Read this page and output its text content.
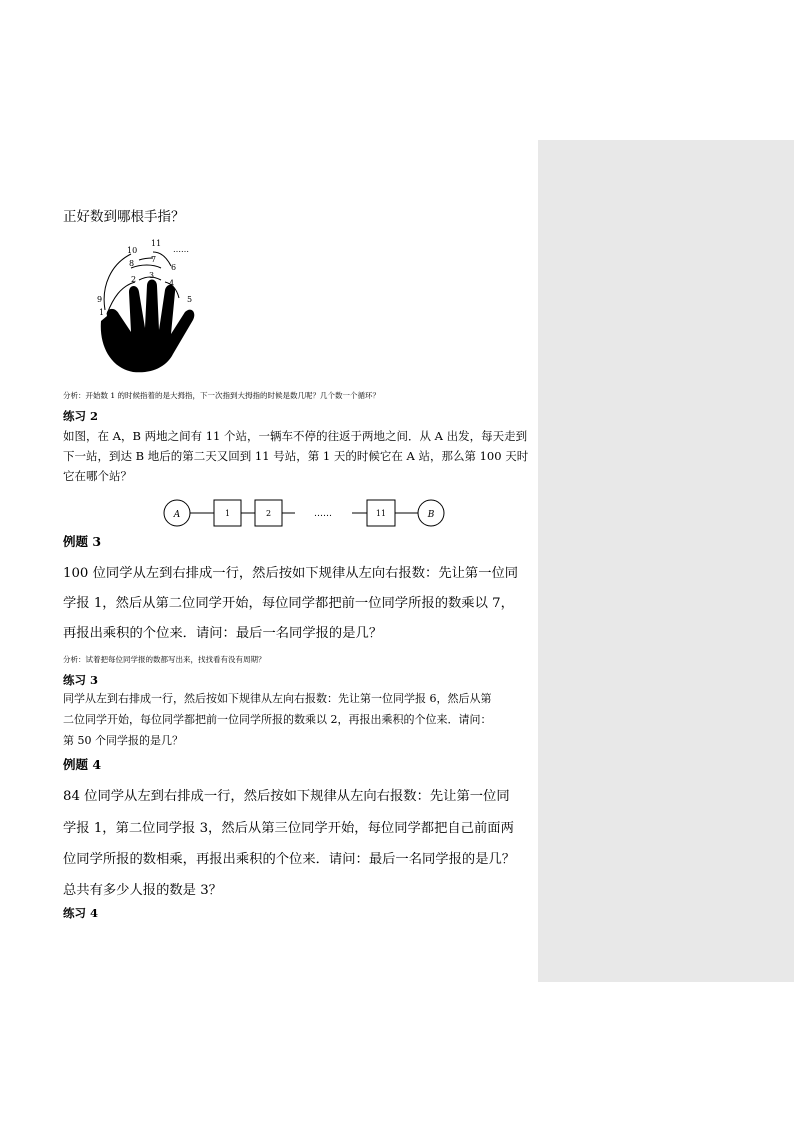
正好数到哪根手指？
1
9
10
11
8
2
7
3
6
4
5
……
分析：开始数 1 的时候指着的是大拇指，下一次指到大拇指的时候是数几呢？几个数一个循环？
练习 2
如图，在 A，B 两地之间有 11 个站，一辆车不停的往返于两地之间．从 A 出发，每天走到
下一站，到达 B 地后的第二天又回到 11 号站，第 1 天的时候它在 A 站，那么第 100 天时
它在哪个站？
A	1	2	……	11	B
例题 3
100 位同学从左到右排成一行，然后按如下规律从左向右报数：先让第一位同
学报 1，然后从第二位同学开始，每位同学都把前一位同学所报的数乘以 7，
再报出乘积的个位来．请问：最后一名同学报的是几？
分析：试着把每位同学报的数都写出来，找找看有没有周期？
练习 3
同学从左到右排成一行，然后按如下规律从左向右报数：先让第一位同学报 6，然后从第
二位同学开始，每位同学都把前一位同学所报的数乘以 2，再报出乘积的个位来．请问：
第 50 个同学报的是几？
例题 4
84 位同学从左到右排成一行，然后按如下规律从左向右报数：先让第一位同
学报 1，第二位同学报 3，然后从第三位同学开始，每位同学都把自己前面两
位同学所报的数相乘，再报出乘积的个位来．请问：最后一名同学报的是几？
总共有多少人报的数是 3？
练习 4
